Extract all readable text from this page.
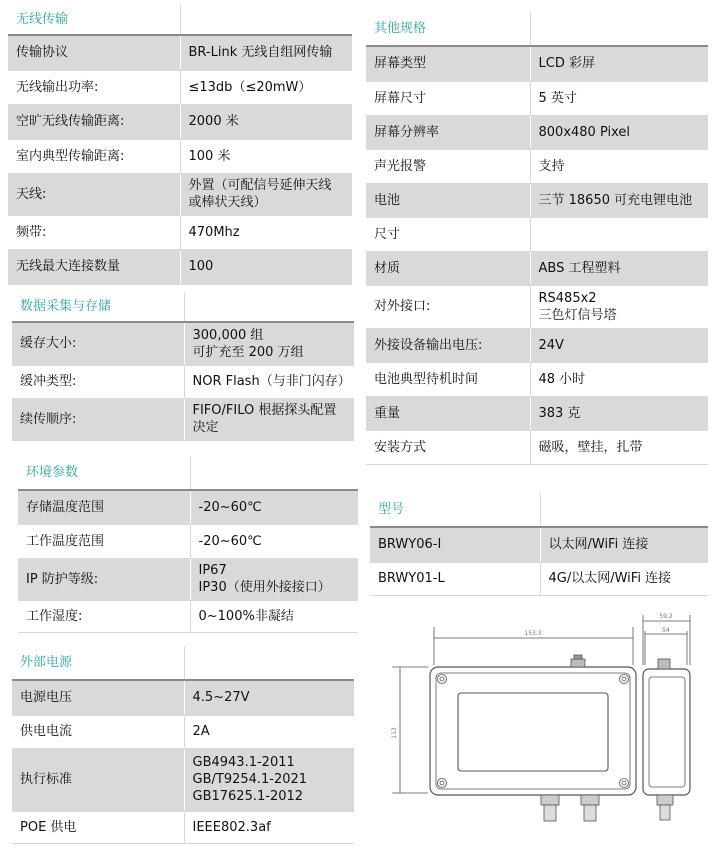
无线传输	
传输协议	BR-Link 无线自组网传输
无线输出功率:	≤13db（≤20mW）
空旷无线传输距离:	2000 米
室内典型传输距离:	100 米
天线:	外置（可配信号延伸天线
或棒状天线）
频带:	470Mhz
无线最大连接数量	100
数据采集与存储	
缓存大小:	300,000 组
可扩充至 200 万组
缓冲类型:	NOR Flash（与非门闪存）
续传顺序:	FIFO/FILO 根据探头配置
决定
环境参数	
存储温度范围	-20~60℃
工作温度范围	-20~60℃
IP 防护等级:	IP67
IP30（使用外接接口）
工作湿度:	0~100%非凝结
外部电源	
电源电压	4.5~27V
供电电流	2A
执行标准	GB4943.1-2011
GB/T9254.1-2021
GB17625.1-2012
POE 供电	IEEE802.3af
其他规格	
屏幕类型	LCD 彩屏
屏幕尺寸	5 英寸
屏幕分辨率	800x480 Pixel
声光报警	支持
电池	三节 18650 可充电锂电池
尺寸	
材质	ABS 工程塑料
对外接口:	RS485x2
三色灯信号塔
外接设备输出电压:	24V
电池典型待机时间	48 小时
重量	383 克
安装方式	磁吸，壁挂，扎带
型号	
BRWY06-I	以太网/WiFi 连接
BRWY01-L	4G/以太网/WiFi 连接
153.3
113
59.2
54
